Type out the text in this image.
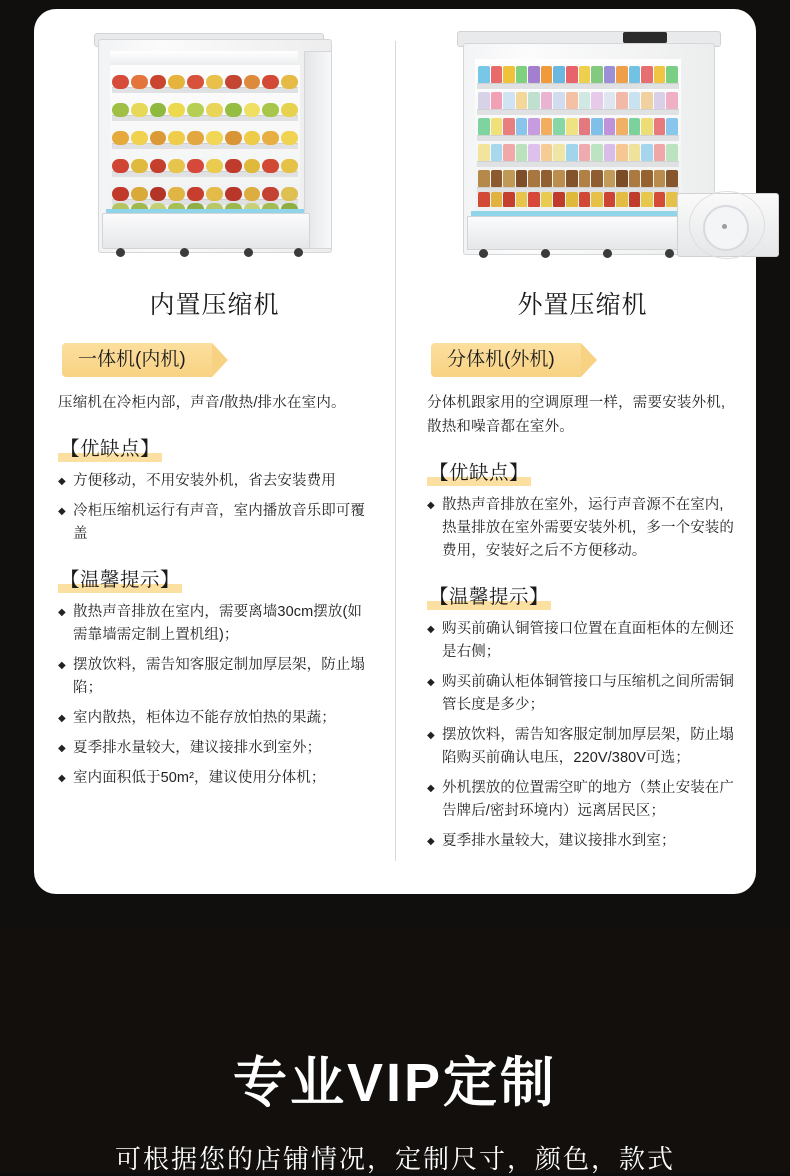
内置压缩机
一体机(内机)
压缩机在冷柜内部，声音/散热/排水在室内。
【优缺点】
◆ 方便移动，不用安装外机，省去安装费用
◆ 冷柜压缩机运行有声音，室内播放音乐即可覆盖
【温馨提示】
◆ 散热声音排放在室内，需要离墙30cm摆放(如需靠墙需定制上置机组)；
◆ 摆放饮料，需告知客服定制加厚层架，防止塌陷；
◆ 室内散热，柜体边不能存放怕热的果蔬；
◆ 夏季排水量较大，建议接排水到室外；
◆ 室内面积低于50m²，建议使用分体机；
外置压缩机
分体机(外机)
分体机跟家用的空调原理一样，需要安装外机,散热和噪音都在室外。
【优缺点】
◆ 散热声音排放在室外，运行声音源不在室内,热量排放在室外需要安装外机，多一个安装的费用，安装好之后不方便移动。
【温馨提示】
◆ 购买前确认铜管接口位置在直面柜体的左侧还是右侧；
◆ 购买前确认柜体铜管接口与压缩机之间所需铜管长度是多少；
◆ 摆放饮料，需告知客服定制加厚层架，防止塌陷购买前确认电压，220V/380V可选；
◆ 外机摆放的位置需空旷的地方（禁止安装在广告牌后/密封环境内）远离居民区；
◆ 夏季排水量较大，建议接排水到室；
专业VIP定制
可根据您的店铺情况，定制尺寸，颜色，款式
